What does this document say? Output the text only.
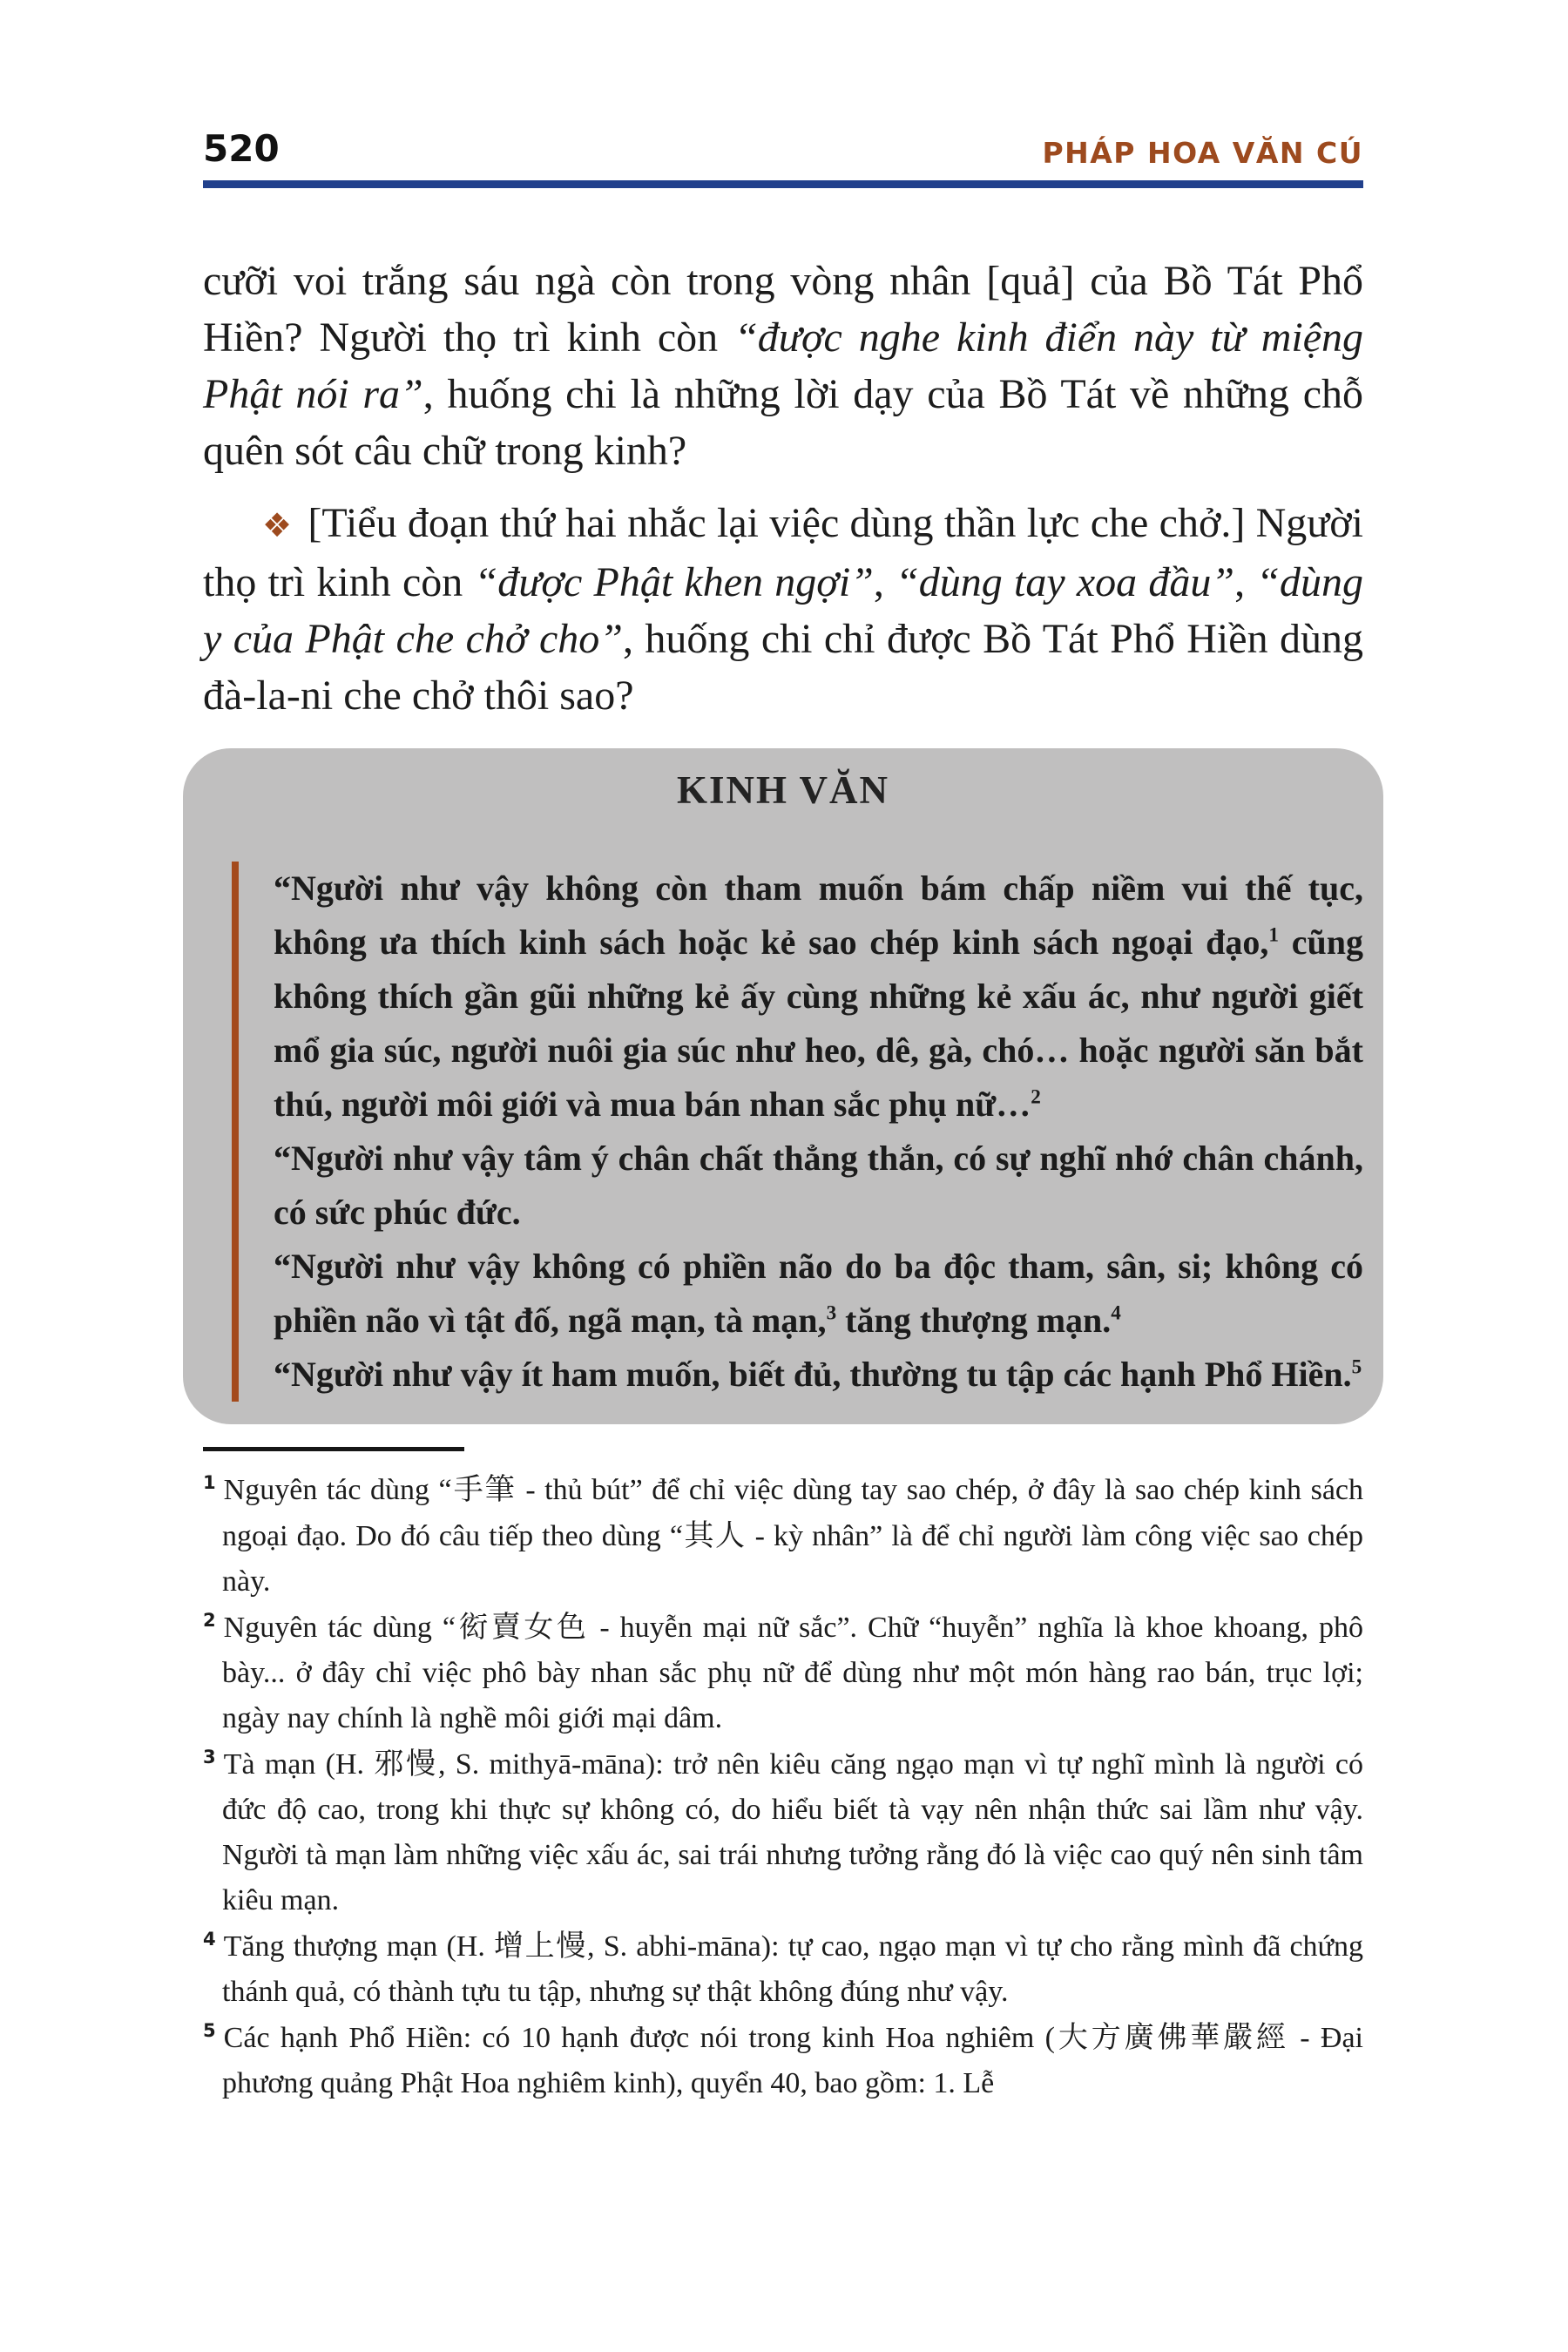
520	PHÁP HOA VĂN CÚ

cưỡi voi trắng sáu ngà còn trong vòng nhân [quả] của Bồ Tát Phổ Hiền? Người thọ trì kinh còn “được nghe kinh điển này từ miệng Phật nói ra”, huống chi là những lời dạy của Bồ Tát về những chỗ quên sót câu chữ trong kinh?

❖ [Tiểu đoạn thứ hai nhắc lại việc dùng thần lực che chở.] Người thọ trì kinh còn “được Phật khen ngợi”, “dùng tay xoa đầu”, “dùng y của Phật che chở cho”, huống chi chỉ được Bồ Tát Phổ Hiền dùng đà-la-ni che chở thôi sao?

KINH VĂN

“Người như vậy không còn tham muốn bám chấp niềm vui thế tục, không ưa thích kinh sách hoặc kẻ sao chép kinh sách ngoại đạo,$^1$ cũng không thích gần gũi những kẻ ấy cùng những kẻ xấu ác, như người giết mổ gia súc, người nuôi gia súc như heo, dê, gà, chó… hoặc người săn bắt thú, người môi giới và mua bán nhan sắc phụ nữ…$^2$

“Người như vậy tâm ý chân chất thẳng thắn, có sự nghĩ nhớ chân chánh, có sức phúc đức.

“Người như vậy không có phiền não do ba độc tham, sân, si; không có phiền não vì tật đố, ngã mạn, tà mạn,$^3$ tăng thượng mạn.$^4$

“Người như vậy ít ham muốn, biết đủ, thường tu tập các hạnh Phổ Hiền.$^5$

$^1$ Nguyên tác dùng “手筆 - thủ bút” để chỉ việc dùng tay sao chép, ở đây là sao chép kinh sách ngoại đạo. Do đó câu tiếp theo dùng “其人 - kỳ nhân” là để chỉ người làm công việc sao chép này.

$^2$ Nguyên tác dùng “衒賣女色 - huyễn mại nữ sắc”. Chữ “huyễn” nghĩa là khoe khoang, phô bày... ở đây chỉ việc phô bày nhan sắc phụ nữ để dùng như một món hàng rao bán, trục lợi; ngày nay chính là nghề môi giới mại dâm.

$^3$ Tà mạn (H. 邪慢, S. mithyā-māna): trở nên kiêu căng ngạo mạn vì tự nghĩ mình là người có đức độ cao, trong khi thực sự không có, do hiểu biết tà vạy nên nhận thức sai lầm như vậy. Người tà mạn làm những việc xấu ác, sai trái nhưng tưởng rằng đó là việc cao quý nên sinh tâm kiêu mạn.

$^4$ Tăng thượng mạn (H. 增上慢, S. abhi-māna): tự cao, ngạo mạn vì tự cho rằng mình đã chứng thánh quả, có thành tựu tu tập, nhưng sự thật không đúng như vậy.

$^5$ Các hạnh Phổ Hiền: có 10 hạnh được nói trong kinh Hoa nghiêm (大方廣佛華嚴經 - Đại phương quảng Phật Hoa nghiêm kinh), quyển 40, bao gồm: 1. Lễ
